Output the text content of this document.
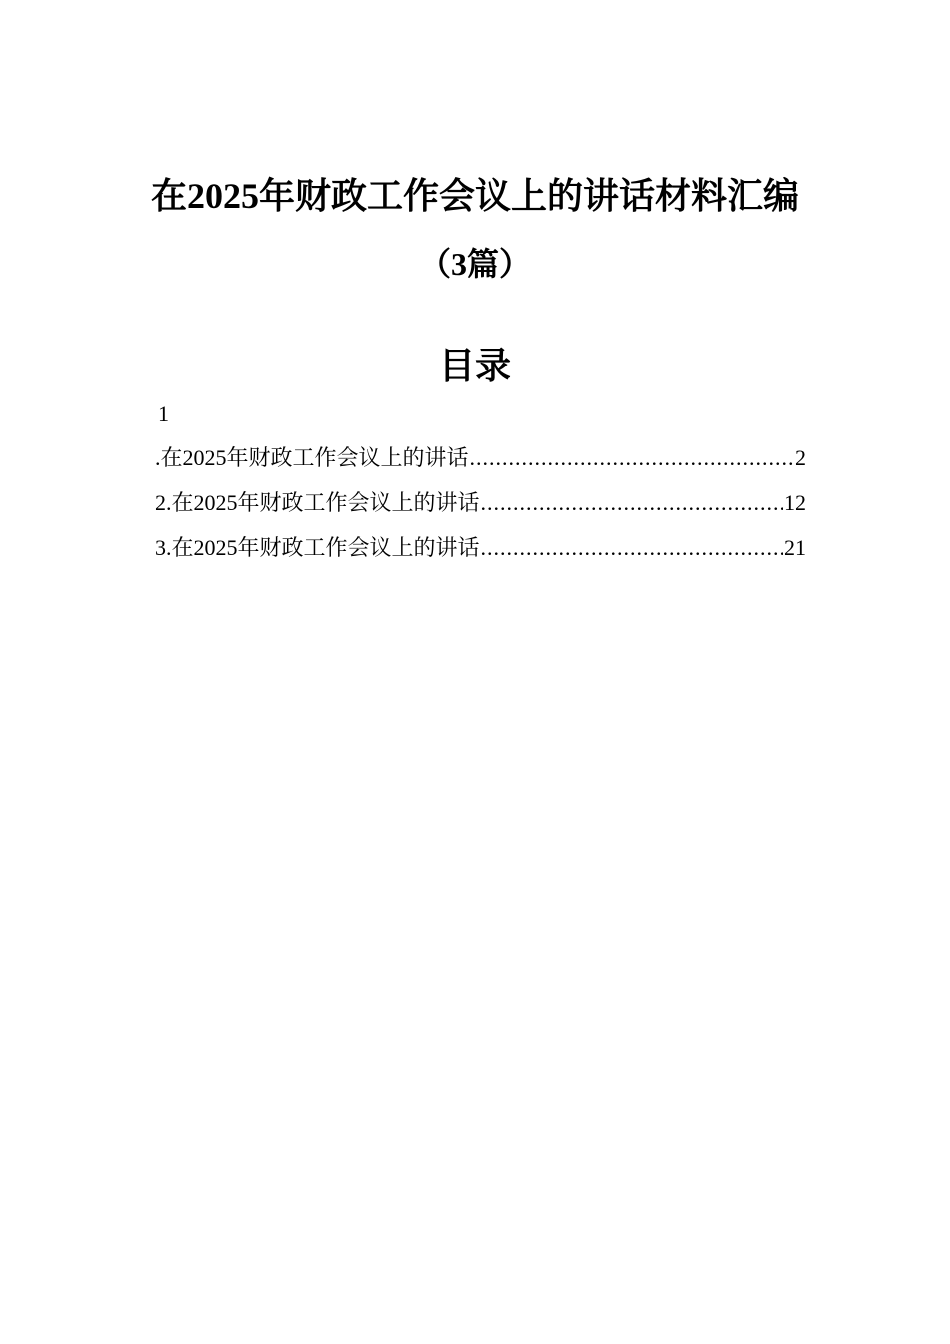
在2025年财政工作会议上的讲话材料汇编
（3篇）
目录
1
.在2025年财政工作会议上的讲话 .....	2
2.在2025年财政工作会议上的讲话 .....	12
3.在2025年财政工作会议上的讲话 .....	21
